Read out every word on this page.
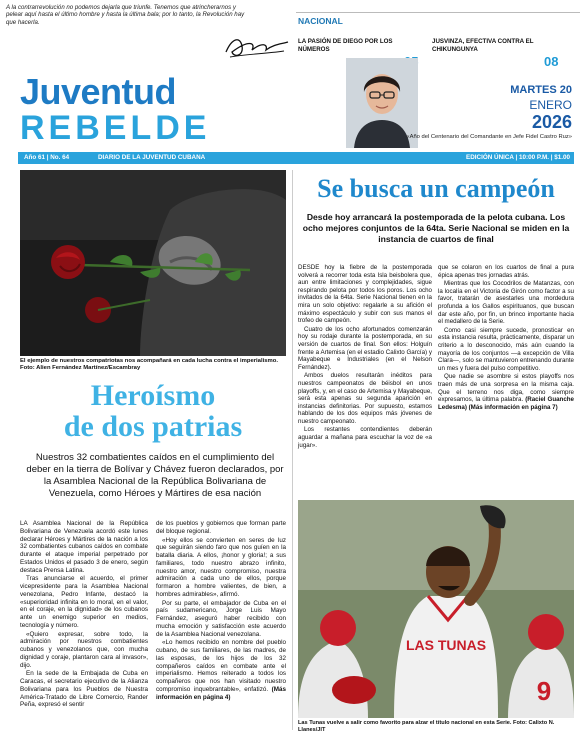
A la contrarrevolución no podemos dejarla que triunfe. Tenemos que atrincherarnos y pelear aquí hasta el último hombre y hasta la última bala; por lo tanto, la Revolución hay que hacerla.	NACIONAL
LA PASIÓN DE DIEGO POR LOS NÚMEROS
JUSVINZA, EFECTIVA CONTRA EL CHIKUNGUNYA
08
Juventud
REBELDE
MARTES 20
ENERO
2026
«Año del Centenario del Comandante en Jefe Fidel Castro Ruz»
Año 61 | No. 64	DIARIO DE LA JUVENTUD CUBANA	EDICIÓN ÚNICA | 10:00 P.M. | $1.00
El ejemplo de nuestros compatriotas nos acompañará en cada lucha contra el imperialismo. Foto: Alien Fernández Martínez/Escambray
Heroísmo
de dos patrias
Nuestros 32 combatientes caídos en el cumplimiento del deber en la tierra de Bolívar y Chávez fueron declarados, por la Asamblea Nacional de la República Bolivariana de Venezuela, como Héroes y Mártires de esa nación

LA Asamblea Nacional de la República Bolivariana de Venezuela acordó este lunes declarar Héroes y Mártires de la nación a los 32 combatientes cubanos caídos en combate durante el ataque imperial perpetrado por Estados Unidos el pasado 3 de enero, según destaca Prensa Latina.

Tras anunciarse el acuerdo, el primer vicepresidente para la Asamblea Nacional venezolana, Pedro Infante, destacó la «superioridad infinita en lo moral, en el valor, en el coraje, en la dignidad» de los cubanos ante un enemigo superior en medios, tecnología y número.

«Quiero expresar, sobre todo, la admiración por nuestros combatientes cubanos y venezolanos que, con mucha dignidad y coraje, plantaron cara al invasor», dijo.

En la sede de la Embajada de Cuba en Caracas, el secretario ejecutivo de la Alianza Bolivariana para los Pueblos de Nuestra América-Tratado de Libre Comercio, Rander Peña, expresó el sentir

de los pueblos y gobiernos que forman parte del bloque regional.

«Hoy ellos se convierten en seres de luz que seguirán siendo faro que nos guíen en la batalla diaria. A ellos, ¡honor y gloria!; a sus familiares, todo nuestro abrazo infinito, nuestro amor, nuestro compromiso, nuestra admiración a cada uno de ellos, porque formaron a hombre valientes, de bien, a hombres admirables», afirmó.

Por su parte, el embajador de Cuba en el país sudamericano, Jorge Luis Mayo Fernández, aseguró haber recibido con mucha emoción y satisfacción este acuerdo de la Asamblea Nacional venezolana.

«Lo hemos recibido en nombre del pueblo cubano, de sus familiares, de las madres, de las esposas, de los hijos de los 32 compañeros caídos en combate ante el imperialismo. Hemos reiterado a todos los compañeros que nos han visitado nuestro compromiso inquebrantable», enfatizó. (Más información en página 4)

Se busca un campeón
Desde hoy arrancará la postemporada de la pelota cubana. Los ocho mejores conjuntos de la 64ta. Serie Nacional se miden en la instancia de cuartos de final

DESDE hoy la fiebre de la postemporada volverá a recorrer toda esta Isla beisbolera que, aun entre limitaciones y complejidades, sigue respirando pelota por todos los poros. Los ocho invitados de la 64ta. Serie Nacional tienen en la mira un solo objetivo: regalarle a su afición el máximo espectáculo y subir con sus manos el trofeo de campeón.

Cuatro de los ocho afortunados comenzarán hoy su rodaje durante la postemporada, en su versión de cuartos de final. Son ellos: Holguín frente a Artemisa (en el estadio Calixto García) y Mayabeque e Industriales (en el Nelson Fernández).

Ambos duelos resultarán inéditos para nuestros campeonatos de béisbol en unos playoffs, y, en el caso de Artemisa y Mayabeque, será esta apenas su segunda aparición en instancias definitorias. Por supuesto, estamos hablando de los dos equipos más jóvenes de nuestro campeonato.

Los restantes contendientes deberán aguardar a mañana para escuchar la voz de «a jugar».

que se colaron en los cuartos de final a pura épica apenas tres jornadas atrás.

Mientras que los Cocodrilos de Matanzas, con la localía en el Victoria de Girón como factor a su favor, tratarán de asestarles una mordedura profunda a los Gallos espirituanos, que buscan dar este año, por fin, un brinco importante hacia el medallero de la Serie.

Como casi siempre sucede, pronosticar en esta instancia resulta, prácticamente, disparar un criterio a lo desconocido, más aún cuando la mayoría de los conjuntos —a excepción de Villa Clara—, solo se mantuvieron entrenando durante un mes y fuera del pulso competitivo.

Que nadie se asombre si estos playoffs nos traen más de una sorpresa en la misma caja. Que el terreno nos diga, como siempre expresamos, la última palabra. (Raciel Guanche Ledesma) (Más información en página 7)

LAS TUNAS
9
Las Tunas vuelve a salir como favorito para alzar el título nacional en esta Serie. Foto: Calixto N. Llanes/JIT
